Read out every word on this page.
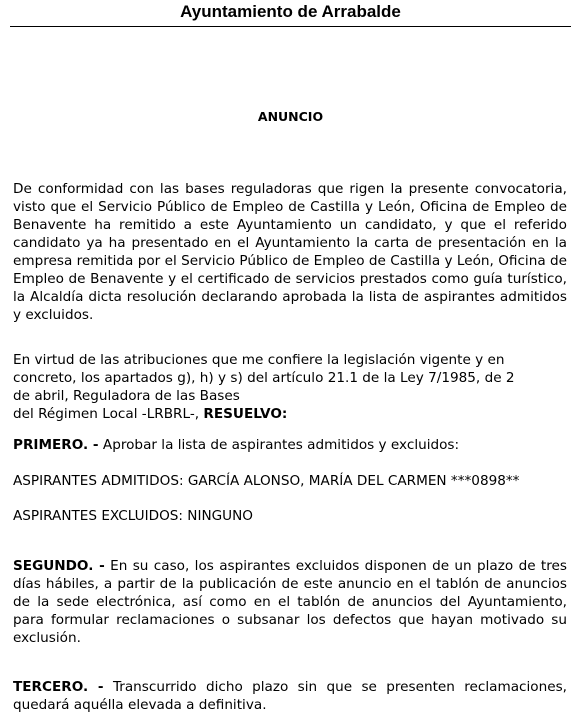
Ayuntamiento de Arrabalde
ANUNCIO

De conformidad con las bases reguladoras que rigen la presente convocatoria, visto que el Servicio Público de Empleo de Castilla y León, Oficina de Empleo de Benavente ha remitido a este Ayuntamiento un candidato, y que el referido candidato ya ha presentado en el Ayuntamiento la carta de presentación en la empresa remitida por el Servicio Público de Empleo de Castilla y León, Oficina de Empleo de Benavente y el certificado de servicios prestados como guía turístico, la Alcaldía dicta resolución declarando aprobada la lista de aspirantes admitidos y excluidos.

En virtud de las atribuciones que me confiere la legislación vigente y en
concreto, los apartados g), h) y s) del artículo 21.1 de la Ley 7/1985, de 2
de abril, Reguladora de las Bases
del Régimen Local -LRBRL-, RESUELVO:

PRIMERO. - Aprobar la lista de aspirantes admitidos y excluidos:

ASPIRANTES ADMITIDOS: GARCÍA ALONSO, MARÍA DEL CARMEN ***0898**

ASPIRANTES EXCLUIDOS: NINGUNO

SEGUNDO. - En su caso, los aspirantes excluidos disponen de un plazo de tres días hábiles, a partir de la publicación de este anuncio en el tablón de anuncios de la sede electrónica, así como en el tablón de anuncios del Ayuntamiento, para formular reclamaciones o subsanar los defectos que hayan motivado su exclusión.

TERCERO. - Transcurrido dicho plazo sin que se presenten reclamaciones, quedará aquélla elevada a definitiva.
